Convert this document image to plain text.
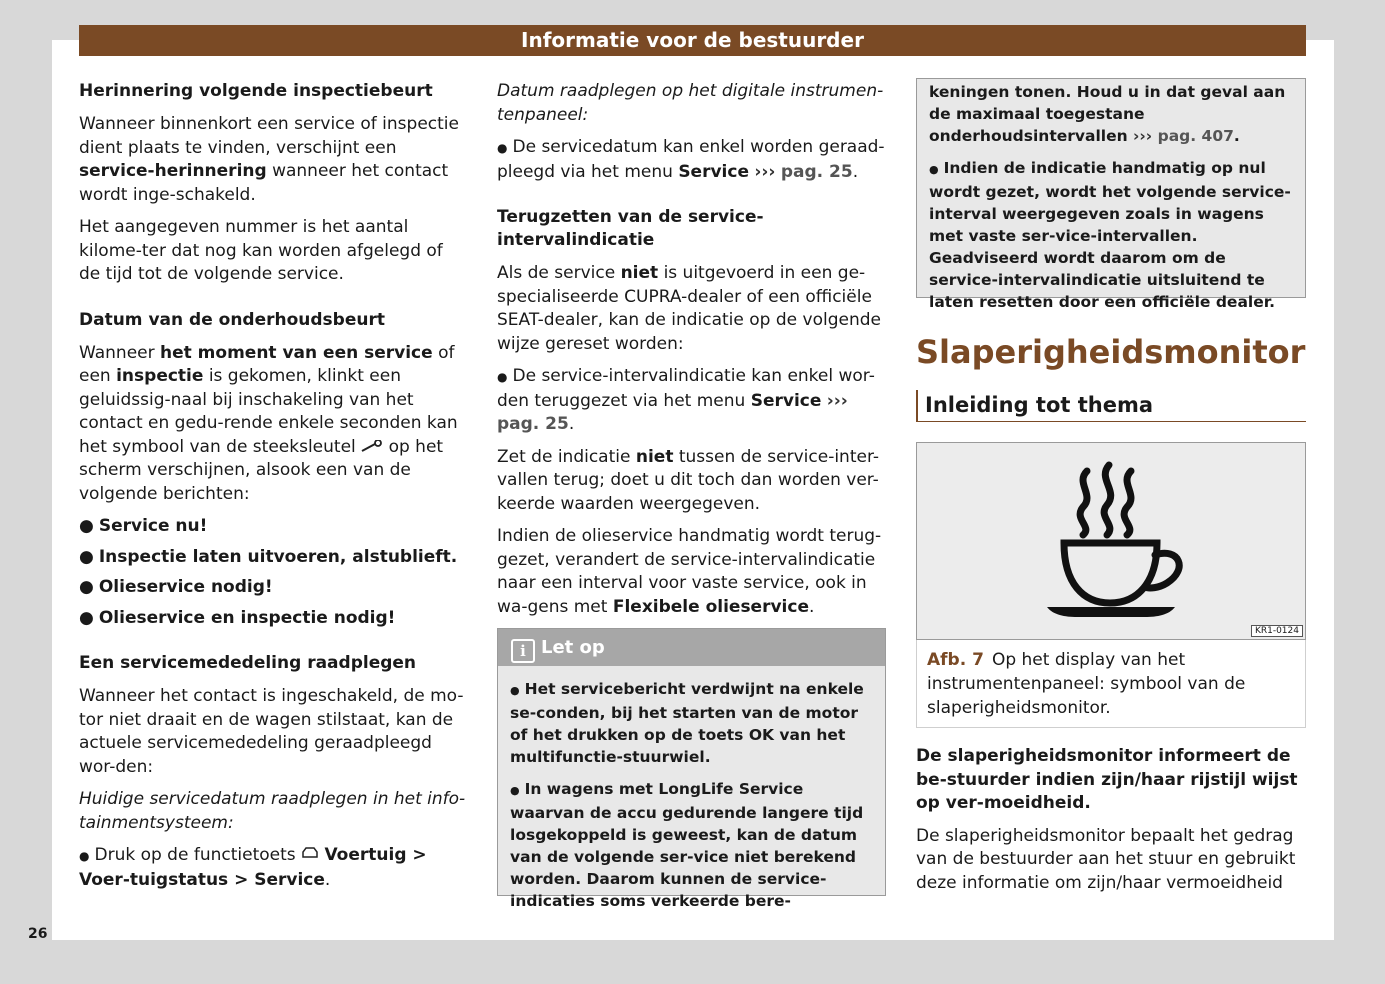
Informatie voor de bestuurder
Herinnering volgende inspectiebeurt

Wanneer binnenkort een service of inspectie dient plaats te vinden, verschijnt een service-herinnering wanneer het contact wordt inge-schakeld.

Het aangegeven nummer is het aantal kilome-ter dat nog kan worden afgelegd of de tijd tot de volgende service.

Datum van de onderhoudsbeurt

Wanneer het moment van een service of een inspectie is gekomen, klinkt een geluidssig-naal bij inschakeling van het contact en gedu-rende enkele seconden kan het symbool van de steeksleutel  op het scherm verschijnen, alsook een van de volgende berichten:

● Service nu!
● Inspectie laten uitvoeren, alstublieft.
● Olieservice nodig!
● Olieservice en inspectie nodig!
Een servicemededeling raadplegen

Wanneer het contact is ingeschakeld, de mo-tor niet draait en de wagen stilstaat, kan de actuele servicemededeling geraadpleegd wor-den:

Huidige servicedatum raadplegen in het info-tainmentsysteem:

● Druk op de functietoets  Voertuig > Voer-tuigstatus > Service.

Datum raadplegen op het digitale instrumen-tenpaneel:

● De servicedatum kan enkel worden geraad-pleegd via het menu Service ››› pag. 25.

Terugzetten van de service-intervalindicatie

Als de service niet is uitgevoerd in een ge-specialiseerde CUPRA-dealer of een officiële SEAT-dealer, kan de indicatie op de volgende wijze gereset worden:

● De service-intervalindicatie kan enkel wor-den teruggezet via het menu Service ››› pag. 25.

Zet de indicatie niet tussen de service-inter-vallen terug; doet u dit toch dan worden ver-keerde waarden weergegeven.

Indien de olieservice handmatig wordt terug-gezet, verandert de service-intervalindicatie naar een interval voor vaste service, ook in wa-gens met Flexibele olieservice.

i Let op

● Het servicebericht verdwijnt na enkele se-conden, bij het starten van de motor of het drukken op de toets OK van het multifunctie-stuurwiel.

● In wagens met LongLife Service waarvan de accu gedurende langere tijd losgekoppeld is geweest, kan de datum van de volgende ser-vice niet berekend worden. Daarom kunnen de service-indicaties soms verkeerde bere-

keningen tonen. Houd u in dat geval aan de maximaal toegestane onderhoudsintervallen ››› pag. 407.

● Indien de indicatie handmatig op nul wordt gezet, wordt het volgende service-interval weergegeven zoals in wagens met vaste ser-vice-intervallen. Geadviseerd wordt daarom om de service-intervalindicatie uitsluitend te laten resetten door een officiële dealer.

Slaperigheidsmonitor
Inleiding tot thema
KR1-0124
Afb. 7 Op het display van het instrumentenpaneel: symbool van de slaperigheidsmonitor.

De slaperigheidsmonitor informeert de be-stuurder indien zijn/haar rijstijl wijst op ver-moeidheid.

De slaperigheidsmonitor bepaalt het gedrag van de bestuurder aan het stuur en gebruikt deze informatie om zijn/haar vermoeidheid

26
